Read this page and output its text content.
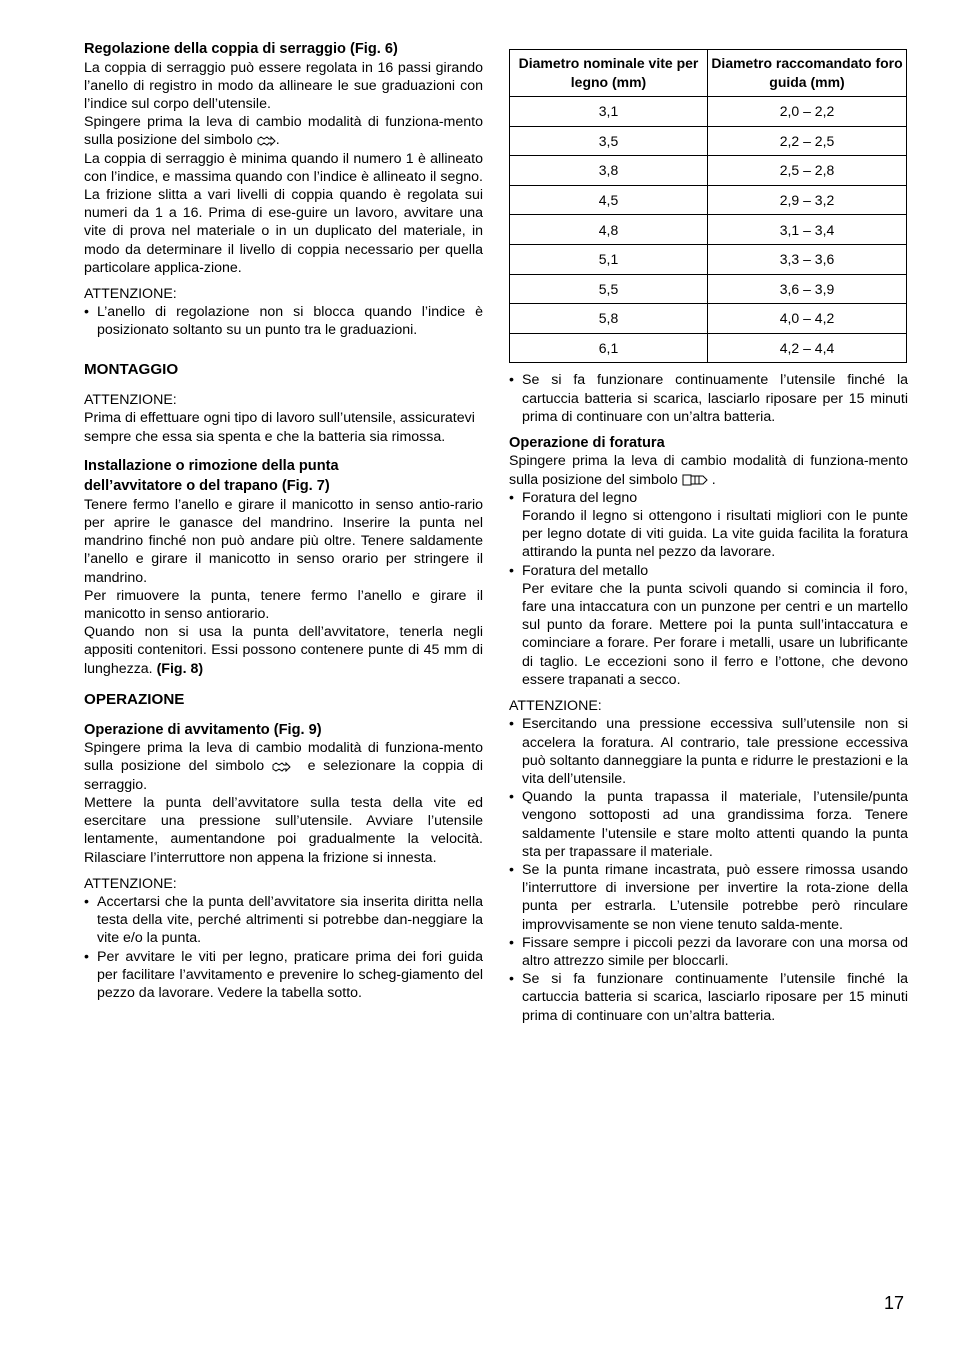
Regolazione della coppia di serraggio (Fig. 6)

La coppia di serraggio può essere regolata in 16 passi girando l’anello di registro in modo da allineare le sue graduazioni con l’indice sul corpo dell’utensile.

Spingere prima la leva di cambio modalità di funziona-mento sulla posizione del simbolo .

La coppia di serraggio è minima quando il numero 1 è allineato con l’indice, e massima quando con l’indice è allineato il segno. La frizione slitta a vari livelli di coppia quando è regolata sui numeri da 1 a 16. Prima di ese-guire un lavoro, avvitare una vite di prova nel materiale o in un duplicato del materiale, in modo da determinare il livello di coppia necessario per quella particolare applica-zione.

ATTENZIONE:

• L’anello di regolazione non si blocca quando l’indice è posizionato soltanto su un punto tra le graduazioni.

MONTAGGIO

ATTENZIONE:

Prima di effettuare ogni tipo di lavoro sull’utensile, assicuratevi sempre che essa sia spenta e che la batteria sia rimossa.

Installazione o rimozione della punta dell’avvitatore o del trapano (Fig. 7)

Tenere fermo l’anello e girare il manicotto in senso antio-rario per aprire le ganasce del mandrino. Inserire la punta nel mandrino finché non può andare più oltre. Tenere saldamente l’anello e girare il manicotto in senso orario per stringere il mandrino.

Per rimuovere la punta, tenere fermo l’anello e girare il manicotto in senso antiorario.

Quando non si usa la punta dell’avvitatore, tenerla negli appositi contenitori. Essi possono contenere punte di 45 mm di lunghezza. (Fig. 8)

OPERAZIONE
Operazione di avvitamento (Fig. 9)

Spingere prima la leva di cambio modalità di funziona-mento sulla posizione del simbolo	e selezionare la coppia di serraggio.

Mettere la punta dell’avvitatore sulla testa della vite ed esercitare una pressione sull’utensile. Avviare l’utensile lentamente, aumentandone poi gradualmente la velocità. Rilasciare l’interruttore non appena la frizione si innesta.

ATTENZIONE:

• Accertarsi che la punta dell’avvitatore sia inserita diritta nella testa della vite, perché altrimenti si potrebbe dan-neggiare la vite e/o la punta.

• Per avvitare le viti per legno, praticare prima dei fori guida per facilitare l’avvitamento e prevenire lo scheg-giamento del pezzo da lavorare. Vedere la tabella sotto.

Diametro nominale vite per legno (mm)	Diametro raccomandato foro guida (mm)
3,1	2,0 – 2,2
3,5	2,2 – 2,5
3,8	2,5 – 2,8
4,5	2,9 – 3,2
4,8	3,1 – 3,4
5,1	3,3 – 3,6
5,5	3,6 – 3,9
5,8	4,0 – 4,2
6,1	4,2 – 4,4

• Se si fa funzionare continuamente l’utensile finché la cartuccia batteria si scarica, lasciarlo riposare per 15 minuti prima di continuare con un’altra batteria.

Operazione di foratura

Spingere prima la leva di cambio modalità di funziona-mento sulla posizione del simbolo .

• Foratura del legno

Forando il legno si ottengono i risultati migliori con le punte per legno dotate di viti guida. La vite guida facilita la foratura attirando la punta nel pezzo da lavorare.

• Foratura del metallo

Per evitare che la punta scivoli quando si comincia il foro, fare una intaccatura con un punzone per centri e un martello sul punto da forare. Mettere poi la punta sull’intaccatura e cominciare a forare. Per forare i metalli, usare un lubrificante di taglio. Le eccezioni sono il ferro e l’ottone, che devono essere trapanati a secco.

ATTENZIONE:

• Esercitando una pressione eccessiva sull’utensile non si accelera la foratura. Al contrario, tale pressione eccessiva può soltanto danneggiare la punta e ridurre le prestazioni e la vita dell’utensile.

• Quando la punta trapassa il materiale, l’utensile/punta vengono sottoposti ad una grandissima forza. Tenere saldamente l’utensile e stare molto attenti quando la punta sta per trapassare il materiale.

• Se la punta rimane incastrata, può essere rimossa usando l’interruttore di inversione per invertire la rota-zione della punta per estrarla. L’utensile potrebbe però rinculare improvvisamente se non viene tenuto salda-mente.

• Fissare sempre i piccoli pezzi da lavorare con una morsa od altro attrezzo simile per bloccarli.

• Se si fa funzionare continuamente l’utensile finché la cartuccia batteria si scarica, lasciarlo riposare per 15 minuti prima di continuare con un’altra batteria.

17
